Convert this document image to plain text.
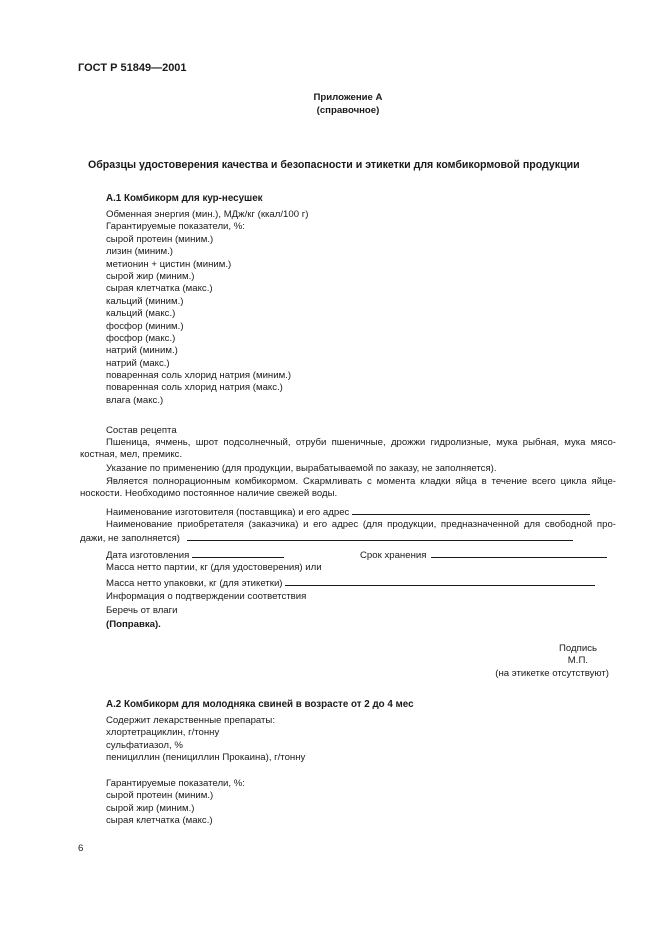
ГОСТ Р 51849—2001
Приложение А
(справочное)
Образцы удостоверения качества и безопасности и этикетки для комбикормовой продукции
А.1 Комбикорм для кур-несушек
Обменная энергия (мин.), МДж/кг (ккал/100 г)
Гарантируемые показатели, %:
сырой протеин (миним.)
лизин (миним.)
метионин + цистин (миним.)
сырой жир (миним.)
сырая клетчатка (макс.)
кальций (миним.)
кальций (макс.)
фосфор (миним.)
фосфор (макс.)
натрий (миним.)
натрий (макс.)
поваренная соль хлорид натрия (миним.)
поваренная соль хлорид натрия (макс.)
влага (макс.)
Состав рецепта
Пшеница, ячмень, шрот подсолнечный, отруби пшеничные, дрожжи гидролизные, мука рыбная, мука мясо-
костная, мел, премикс.
Указание по применению (для продукции, вырабатываемой по заказу, не заполняется).
Является полнорационным комбикормом. Скармливать с момента кладки яйца в течение всего цикла яйце-
носкости. Необходимо постоянное наличие свежей воды.
Наименование изготовителя (поставщика) и его адрес
Наименование приобретателя (заказчика) и его адрес (для продукции, предназначенной для свободной про-
дажи, не заполняется)
Дата изготовления	Срок хранения
Масса нетто партии, кг (для удостоверения) или
Масса нетто упаковки, кг (для этикетки)
Информация о подтверждении соответствия
Беречь от влаги
(Поправка).
Подпись
М.П.
(на этикетке отсутствуют)
А.2 Комбикорм для молодняка свиней в возрасте от 2 до 4 мес
Содержит лекарственные препараты:
хлортетрациклин, г/тонну
сульфатиазол, %
пенициллин (пенициллин Прокаина), г/тонну
Гарантируемые показатели, %:
сырой протеин (миним.)
сырой жир (миним.)
сырая клетчатка (макс.)
6
